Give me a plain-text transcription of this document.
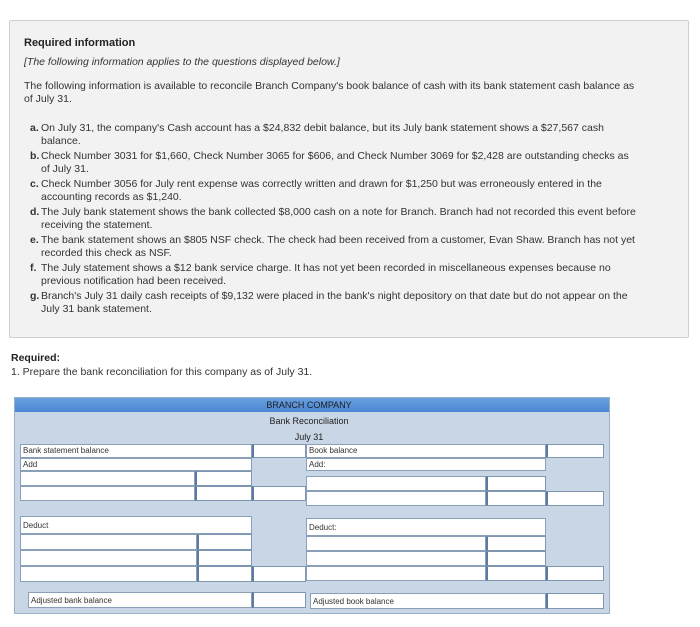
Required information
[The following information applies to the questions displayed below.]
The following information is available to reconcile Branch Company's book balance of cash with its bank statement cash balance as of July 31.
a. On July 31, the company's Cash account has a $24,832 debit balance, but its July bank statement shows a $27,567 cash balance.
b. Check Number 3031 for $1,660, Check Number 3065 for $606, and Check Number 3069 for $2,428 are outstanding checks as of July 31.
c. Check Number 3056 for July rent expense was correctly written and drawn for $1,250 but was erroneously entered in the accounting records as $1,240.
d. The July bank statement shows the bank collected $8,000 cash on a note for Branch. Branch had not recorded this event before receiving the statement.
e. The bank statement shows an $805 NSF check. The check had been received from a customer, Evan Shaw. Branch has not yet recorded this check as NSF.
f. The July statement shows a $12 bank service charge. It has not yet been recorded in miscellaneous expenses because no previous notification had been received.
g. Branch's July 31 daily cash receipts of $9,132 were placed in the bank's night depository on that date but do not appear on the July 31 bank statement.
Required:
1. Prepare the bank reconciliation for this company as of July 31.
BRANCH COMPANY
Bank Reconciliation
July 31
Bank statement balance
Add
Deduct
Adjusted bank balance
Book balance
Add:
Deduct:
Adjusted book balance
